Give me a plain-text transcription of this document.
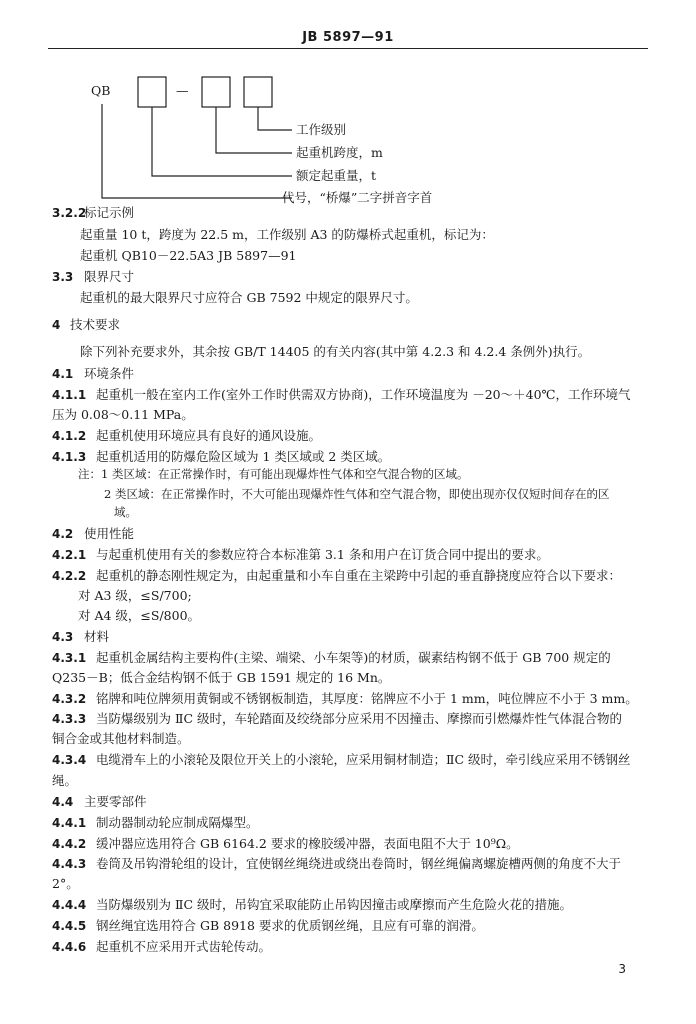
JB 5897—91
QB	—
工作级别
起重机跨度，m
额定起重量，t
代号，“桥爆”二字拼音字首
3.2.2
标记示例
起重量 10 t，跨度为 22.5 m，工作级别 A3 的防爆桥式起重机，标记为：
起重机 QB10－22.5A3 JB 5897—91
3.3 限界尺寸
起重机的最大限界尺寸应符合 GB 7592 中规定的限界尺寸。
4 技术要求
除下列补充要求外，其余按 GB/T 14405 的有关内容(其中第 4.2.3 和 4.2.4 条例外)执行。
4.1 环境条件
4.1.1 起重机一般在室内工作(室外工作时供需双方协商)，工作环境温度为 －20～＋40℃，工作环境气
压为 0.08～0.11 MPa。
4.1.2 起重机使用环境应具有良好的通风设施。
4.1.3 起重机适用的防爆危险区域为 1 类区域或 2 类区域。
注：1 类区域：在正常操作时，有可能出现爆炸性气体和空气混合物的区域。
2 类区域：在正常操作时，不大可能出现爆炸性气体和空气混合物，即使出现亦仅仅短时间存在的区
域。
4.2 使用性能
4.2.1 与起重机使用有关的参数应符合本标准第 3.1 条和用户在订货合同中提出的要求。
4.2.2 起重机的静态刚性规定为，由起重量和小车自重在主梁跨中引起的垂直静挠度应符合以下要求：
对 A3 级，≤S/700;
对 A4 级，≤S/800。
4.3 材料
4.3.1 起重机金属结构主要构件(主梁、端梁、小车架等)的材质，碳素结构钢不低于 GB 700 规定的
Q235－B；低合金结构钢不低于 GB 1591 规定的 16 Mn。
4.3.2 铭牌和吨位牌须用黄铜或不锈钢板制造，其厚度：铭牌应不小于 1 mm，吨位牌应不小于 3 mm。
4.3.3 当防爆级别为 ⅡC 级时，车轮踏面及绞绕部分应采用不因撞击、摩擦而引燃爆炸性气体混合物的
铜合金或其他材料制造。
4.3.4 电缆滑车上的小滚轮及限位开关上的小滚轮，应采用铜材制造；ⅡC 级时，牵引线应采用不锈钢丝
绳。
4.4 主要零部件
4.4.1 制动器制动轮应制成隔爆型。
4.4.2 缓冲器应选用符合 GB 6164.2 要求的橡胶缓冲器，表面电阻不大于 10⁹Ω。
4.4.3 卷筒及吊钩滑轮组的设计，宜使钢丝绳绕进或绕出卷筒时，钢丝绳偏离螺旋槽两侧的角度不大于
2°。
4.4.4 当防爆级别为 ⅡC 级时，吊钩宜采取能防止吊钩因撞击或摩擦而产生危险火花的措施。
4.4.5 钢丝绳宜选用符合 GB 8918 要求的优质钢丝绳，且应有可靠的润滑。
4.4.6 起重机不应采用开式齿轮传动。
3
